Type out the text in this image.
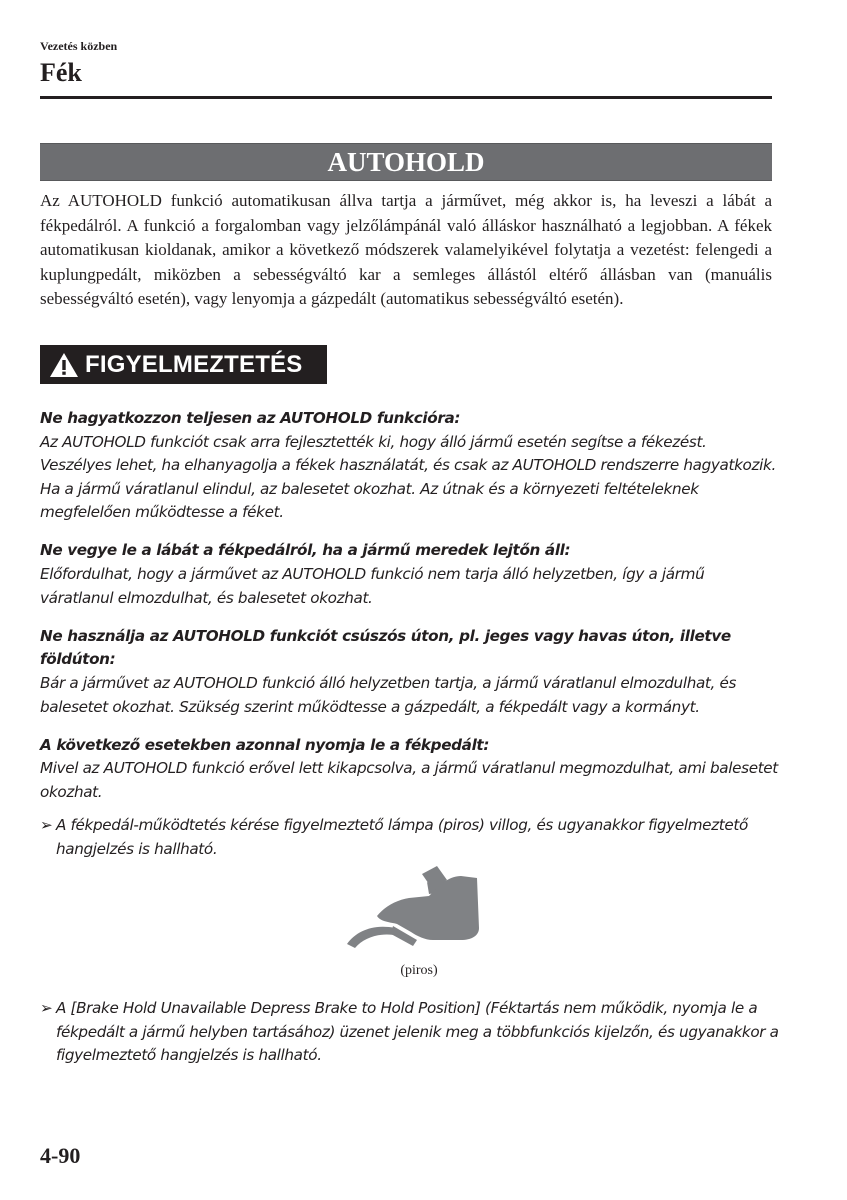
Vezetés közben
Fék
AUTOHOLD

Az AUTOHOLD funkció automatikusan állva tartja a járművet, még akkor is, ha leveszi a lábát a fékpedálról. A funkció a forgalomban vagy jelzőlámpánál való álláskor használható a legjobban. A fékek automatikusan kioldanak, amikor a következő módszerek valamelyikével folytatja a vezetést: felengedi a kuplungpedált, miközben a sebességváltó kar a semleges állástól eltérő állásban van (manuális sebességváltó esetén), vagy lenyomja a gázpedált (automatikus sebességváltó esetén).

FIGYELMEZTETÉS

Ne hagyatkozzon teljesen az AUTOHOLD funkcióra:

Az AUTOHOLD funkciót csak arra fejlesztették ki, hogy álló jármű esetén segítse a fékezést. Veszélyes lehet, ha elhanyagolja a fékek használatát, és csak az AUTOHOLD rendszerre hagyatkozik. Ha a jármű váratlanul elindul, az balesetet okozhat. Az útnak és a környezeti feltételeknek megfelelően működtesse a féket.

Ne vegye le a lábát a fékpedálról, ha a jármű meredek lejtőn áll:

Előfordulhat, hogy a járművet az AUTOHOLD funkció nem tarja álló helyzetben, így a jármű váratlanul elmozdulhat, és balesetet okozhat.

Ne használja az AUTOHOLD funkciót csúszós úton, pl. jeges vagy havas úton, illetve földúton:

Bár a járművet az AUTOHOLD funkció álló helyzetben tartja, a jármű váratlanul elmozdulhat, és balesetet okozhat. Szükség szerint működtesse a gázpedált, a fékpedált vagy a kormányt.

A következő esetekben azonnal nyomja le a fékpedált:

Mivel az AUTOHOLD funkció erővel lett kikapcsolva, a jármű váratlanul megmozdulhat, ami balesetet okozhat.

➢ A fékpedál-működtetés kérése figyelmeztető lámpa (piros) villog, és ugyanakkor figyelmeztető hangjelzés is hallható.
(piros)
➢ A [Brake Hold Unavailable Depress Brake to Hold Position] (Féktartás nem működik, nyomja le a fékpedált a jármű helyben tartásához) üzenet jelenik meg a többfunkciós kijelzőn, és ugyanakkor a figyelmeztető hangjelzés is hallható.
4-90
